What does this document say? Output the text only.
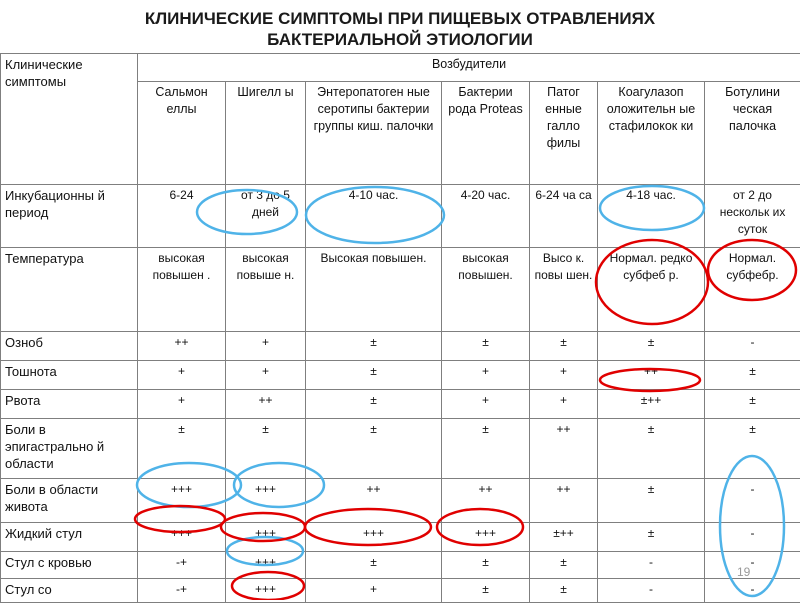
КЛИНИЧЕСКИЕ СИМПТОМЫ ПРИ ПИЩЕВЫХ ОТРАВЛЕНИЯХ
БАКТЕРИАЛЬНОЙ ЭТИОЛОГИИ
Клинические симптомы	Возбудители						
	Сальмон еллы	Шигелл ы	Энтеропатоген ные серотипы бактерии группы киш. палочки	Бактерии рода Proteas	Патог енные галло филы	Коагулазоп оложительн ые стафилокок ки	Ботулини ческая палочка
Инкубационны й период	6-24	от 3 до 5 дней	4-10 час.	4-20 час.	6-24 ча са	4-18 час.	от 2 до нескольк их суток
Температура	высокая повышен .	высокая повыше н.	Высокая повышен.	высокая повышен.	Высо к. повы шен.	Нормал. редко субфеб р.	Нормал. субфебр.
Озноб	++	+	±	±	±	±	-
Тошнота	+	+	±	+	+	++	±
Рвота	+	++	±	+	+	±++	±
Боли в эпигастрально й области	±	±	±	±	++	±	±
Боли в области живота	+++	+++	++	++	++	±	-
Жидкий стул	+++	+++	+++	+++	±++	±	-
Стул с кровью	-+	+++	±	±	±	-	-
Стул со	-+	+++	+	±	±	-	-
19
